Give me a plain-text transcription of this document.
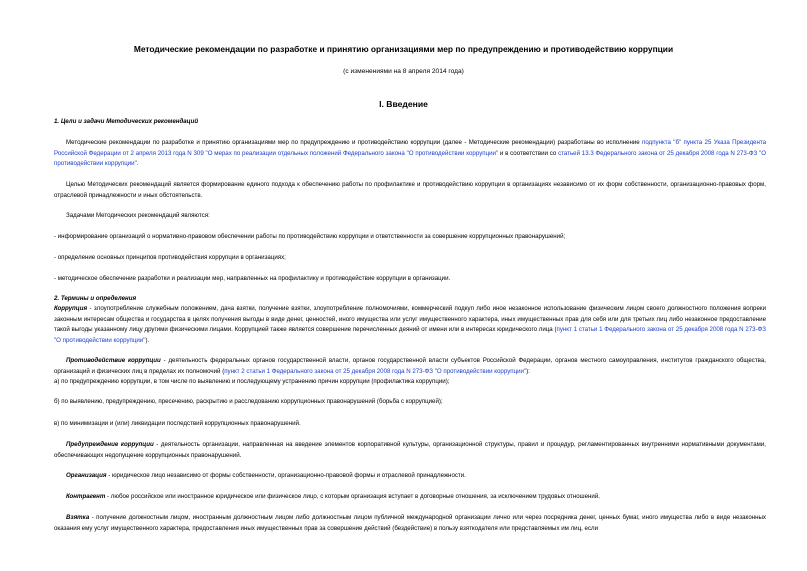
Методические рекомендации по разработке и принятию организациями мер по предупреждению и противодействию коррупции
(с изменениями на 8 апреля 2014 года)
I. Введение
1. Цели и задачи Методических рекомендаций
Методические рекомендации по разработке и принятию организациями мер по предупреждению и противодействию коррупции (далее - Методические рекомендации) разработаны во исполнение подпункта "б" пункта 25 Указа Президента Российской Федерации от 2 апреля 2013 года N 309 "О мерах по реализации отдельных положений Федерального закона "О противодействии коррупции" и в соответствии со статьей 13.3 Федерального закона от 25 декабря 2008 года N 273-ФЗ "О противодействии коррупции".
Целью Методических рекомендаций является формирование единого подхода к обеспечению работы по профилактике и противодействию коррупции в организациях независимо от их форм собственности, организационно-правовых форм, отраслевой принадлежности и иных обстоятельств.
Задачами Методических рекомендаций являются:
- информирование организаций о нормативно-правовом обеспечении работы по противодействию коррупции и ответственности за совершение коррупционных правонарушений;
- определение основных принципов противодействия коррупции в организациях;
- методическое обеспечение разработки и реализации мер, направленных на профилактику и противодействие коррупции в организации.
2. Термины и определения
Коррупция - злоупотребление служебным положением, дача взятки, получение взятки, злоупотребление полномочиями, коммерческий подкуп либо иное незаконное использование физическим лицом своего должностного положения вопреки законным интересам общества и государства в целях получения выгоды в виде денег, ценностей, иного имущества или услуг имущественного характера, иных имущественных прав для себя или для третьих лиц либо незаконное предоставление такой выгоды указанному лицу другими физическими лицами. Коррупцией также является совершение перечисленных деяний от имени или в интересах юридического лица (пункт 1 статьи 1 Федерального закона от 25 декабря 2008 года N 273-ФЗ "О противодействии коррупции").
Противодействие коррупции - деятельность федеральных органов государственной власти, органов государственной власти субъектов Российской Федерации, органов местного самоуправления, институтов гражданского общества, организаций и физических лиц в пределах их полномочий (пункт 2 статьи 1 Федерального закона от 25 декабря 2008 года N 273-ФЗ "О противодействии коррупции"):
а) по предупреждению коррупции, в том числе по выявлению и последующему устранению причин коррупции (профилактика коррупции);
б) по выявлению, предупреждению, пресечению, раскрытию и расследованию коррупционных правонарушений (борьба с коррупцией);
в) по минимизации и (или) ликвидации последствий коррупционных правонарушений.
Предупреждение коррупции - деятельность организации, направленная на введение элементов корпоративной культуры, организационной структуры, правил и процедур, регламентированных внутренними нормативными документами, обеспечивающих недопущение коррупционных правонарушений.
Организация - юридическое лицо независимо от формы собственности, организационно-правовой формы и отраслевой принадлежности.
Контрагент - любое российское или иностранное юридическое или физическое лицо, с которым организация вступает в договорные отношения, за исключением трудовых отношений.
Взятка - получение должностным лицом, иностранным должностным лицом либо должностным лицом публичной международной организации лично или через посредника денег, ценных бумаг, иного имущества либо в виде незаконных оказания ему услуг имущественного характера, предоставления иных имущественных прав за совершение действий (бездействие) в пользу взяткодателя или представляемых им лиц, если
